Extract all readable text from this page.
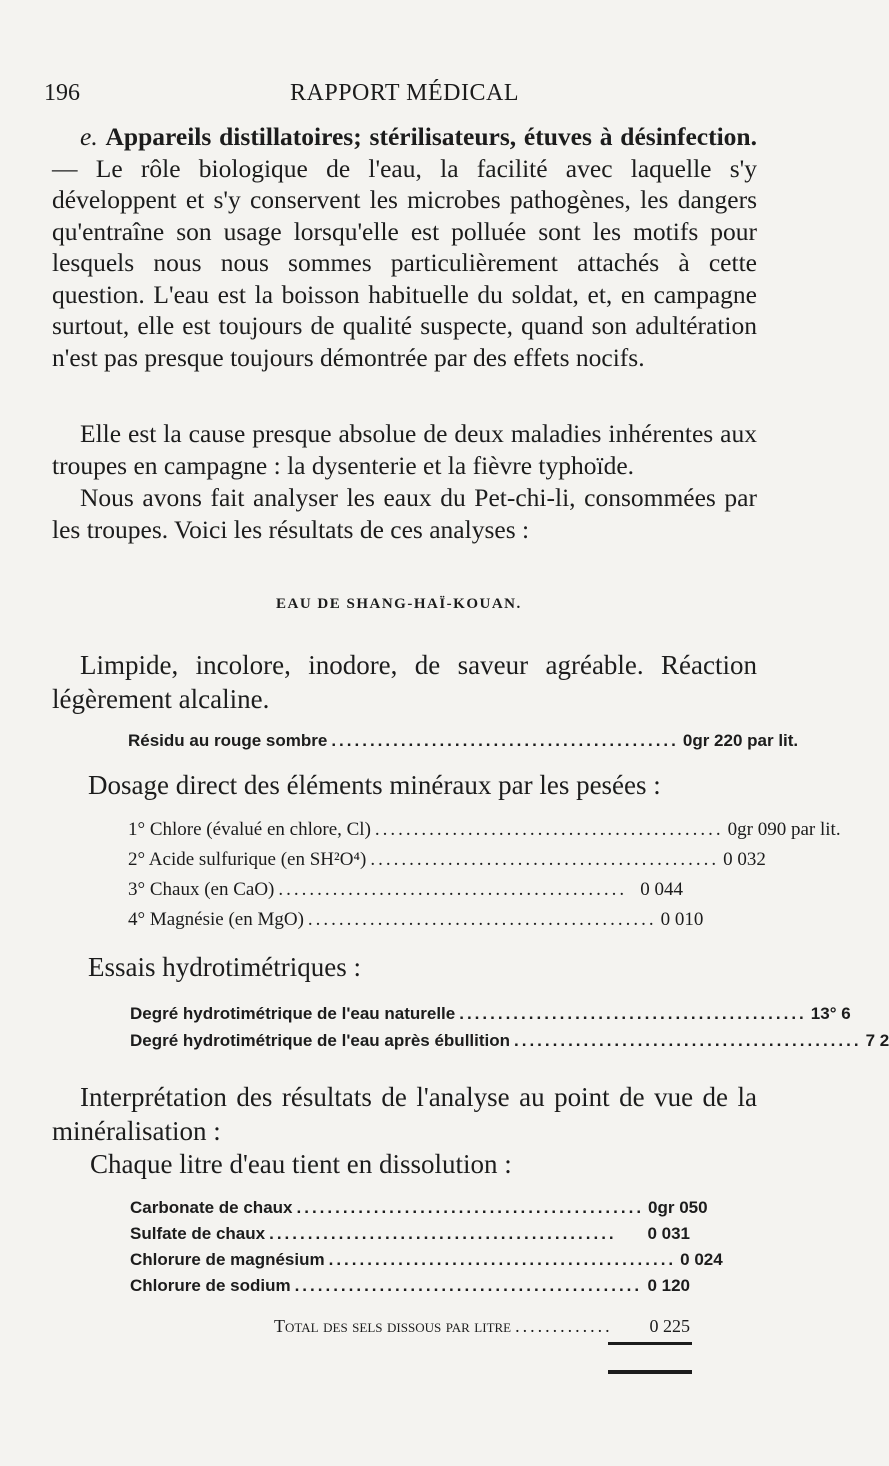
196	RAPPORT MÉDICAL
e. Appareils distillatoires; stérilisateurs, étuves à désinfection. — Le rôle biologique de l'eau, la facilité avec laquelle s'y développent et s'y conservent les microbes pathogènes, les dangers qu'entraîne son usage lorsqu'elle est polluée sont les motifs pour lesquels nous nous sommes particulièrement attachés à cette question. L'eau est la boisson habituelle du soldat, et, en campagne surtout, elle est toujours de qualité suspecte, quand son adultération n'est pas presque toujours démontrée par des effets nocifs.
Elle est la cause presque absolue de deux maladies inhérentes aux troupes en campagne : la dysenterie et la fièvre typhoïde.
Nous avons fait analyser les eaux du Pet-chi-li, consommées par les troupes. Voici les résultats de ces analyses :
EAU DE SHANG-HAÏ-KOUAN.
Limpide, incolore, inodore, de saveur agréable. Réaction légèrement alcaline.
Résidu au rouge sombre ............................................. 0gr 220 par lit.
Dosage direct des éléments minéraux par les pesées :
1° Chlore (évalué en chlore, Cl) ............................................. 0gr 090 par lit.
2° Acide sulfurique (en SH²O⁴) ............................................. 0 032
3° Chaux (en CaO) ............................................. 0 044
4° Magnésie (en MgO) ............................................. 0 010
Essais hydrotimétriques :
Degré hydrotimétrique de l'eau naturelle ............................................. 13° 6
Degré hydrotimétrique de l'eau après ébullition ............................................. 7 2
Interprétation des résultats de l'analyse au point de vue de la minéralisation :
Chaque litre d'eau tient en dissolution :
Carbonate de chaux ............................................. 0gr 050
Sulfate de chaux .............................................	0 031
Chlorure de magnésium ............................................. 0 024
Chlorure de sodium ............................................. 0 120
Total des sels dissous par litre .............	0 225
